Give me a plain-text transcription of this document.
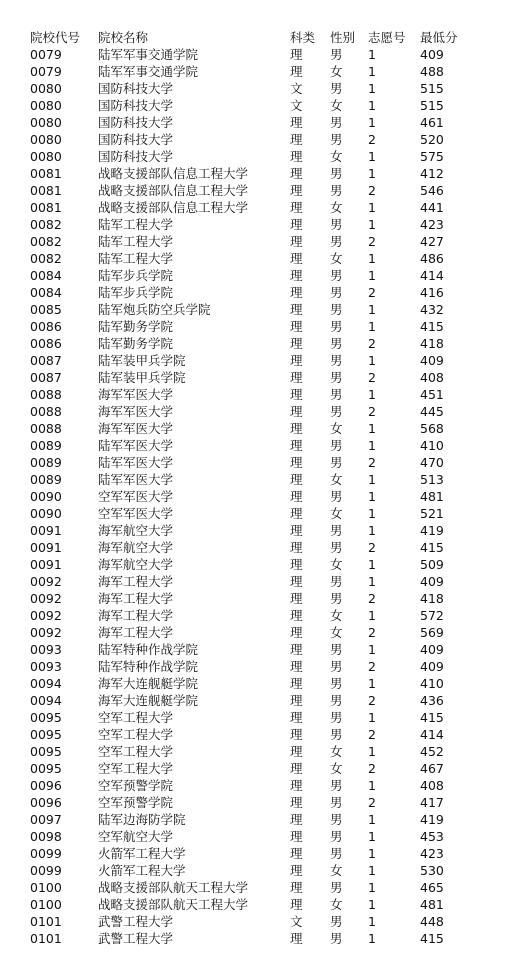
院校代号	院校名称	科类	性别	志愿号	最低分
0079	陆军军事交通学院	理	男	1	409
0079	陆军军事交通学院	理	女	1	488
0080	国防科技大学	文	男	1	515
0080	国防科技大学	文	女	1	515
0080	国防科技大学	理	男	1	461
0080	国防科技大学	理	男	2	520
0080	国防科技大学	理	女	1	575
0081	战略支援部队信息工程大学	理	男	1	412
0081	战略支援部队信息工程大学	理	男	2	546
0081	战略支援部队信息工程大学	理	女	1	441
0082	陆军工程大学	理	男	1	423
0082	陆军工程大学	理	男	2	427
0082	陆军工程大学	理	女	1	486
0084	陆军步兵学院	理	男	1	414
0084	陆军步兵学院	理	男	2	416
0085	陆军炮兵防空兵学院	理	男	1	432
0086	陆军勤务学院	理	男	1	415
0086	陆军勤务学院	理	男	2	418
0087	陆军装甲兵学院	理	男	1	409
0087	陆军装甲兵学院	理	男	2	408
0088	海军军医大学	理	男	1	451
0088	海军军医大学	理	男	2	445
0088	海军军医大学	理	女	1	568
0089	陆军军医大学	理	男	1	410
0089	陆军军医大学	理	男	2	470
0089	陆军军医大学	理	女	1	513
0090	空军军医大学	理	男	1	481
0090	空军军医大学	理	女	1	521
0091	海军航空大学	理	男	1	419
0091	海军航空大学	理	男	2	415
0091	海军航空大学	理	女	1	509
0092	海军工程大学	理	男	1	409
0092	海军工程大学	理	男	2	418
0092	海军工程大学	理	女	1	572
0092	海军工程大学	理	女	2	569
0093	陆军特种作战学院	理	男	1	409
0093	陆军特种作战学院	理	男	2	409
0094	海军大连舰艇学院	理	男	1	410
0094	海军大连舰艇学院	理	男	2	436
0095	空军工程大学	理	男	1	415
0095	空军工程大学	理	男	2	414
0095	空军工程大学	理	女	1	452
0095	空军工程大学	理	女	2	467
0096	空军预警学院	理	男	1	408
0096	空军预警学院	理	男	2	417
0097	陆军边海防学院	理	男	1	419
0098	空军航空大学	理	男	1	453
0099	火箭军工程大学	理	男	1	423
0099	火箭军工程大学	理	女	1	530
0100	战略支援部队航天工程大学	理	男	1	465
0100	战略支援部队航天工程大学	理	女	1	481
0101	武警工程大学	文	男	1	448
0101	武警工程大学	理	男	1	415
